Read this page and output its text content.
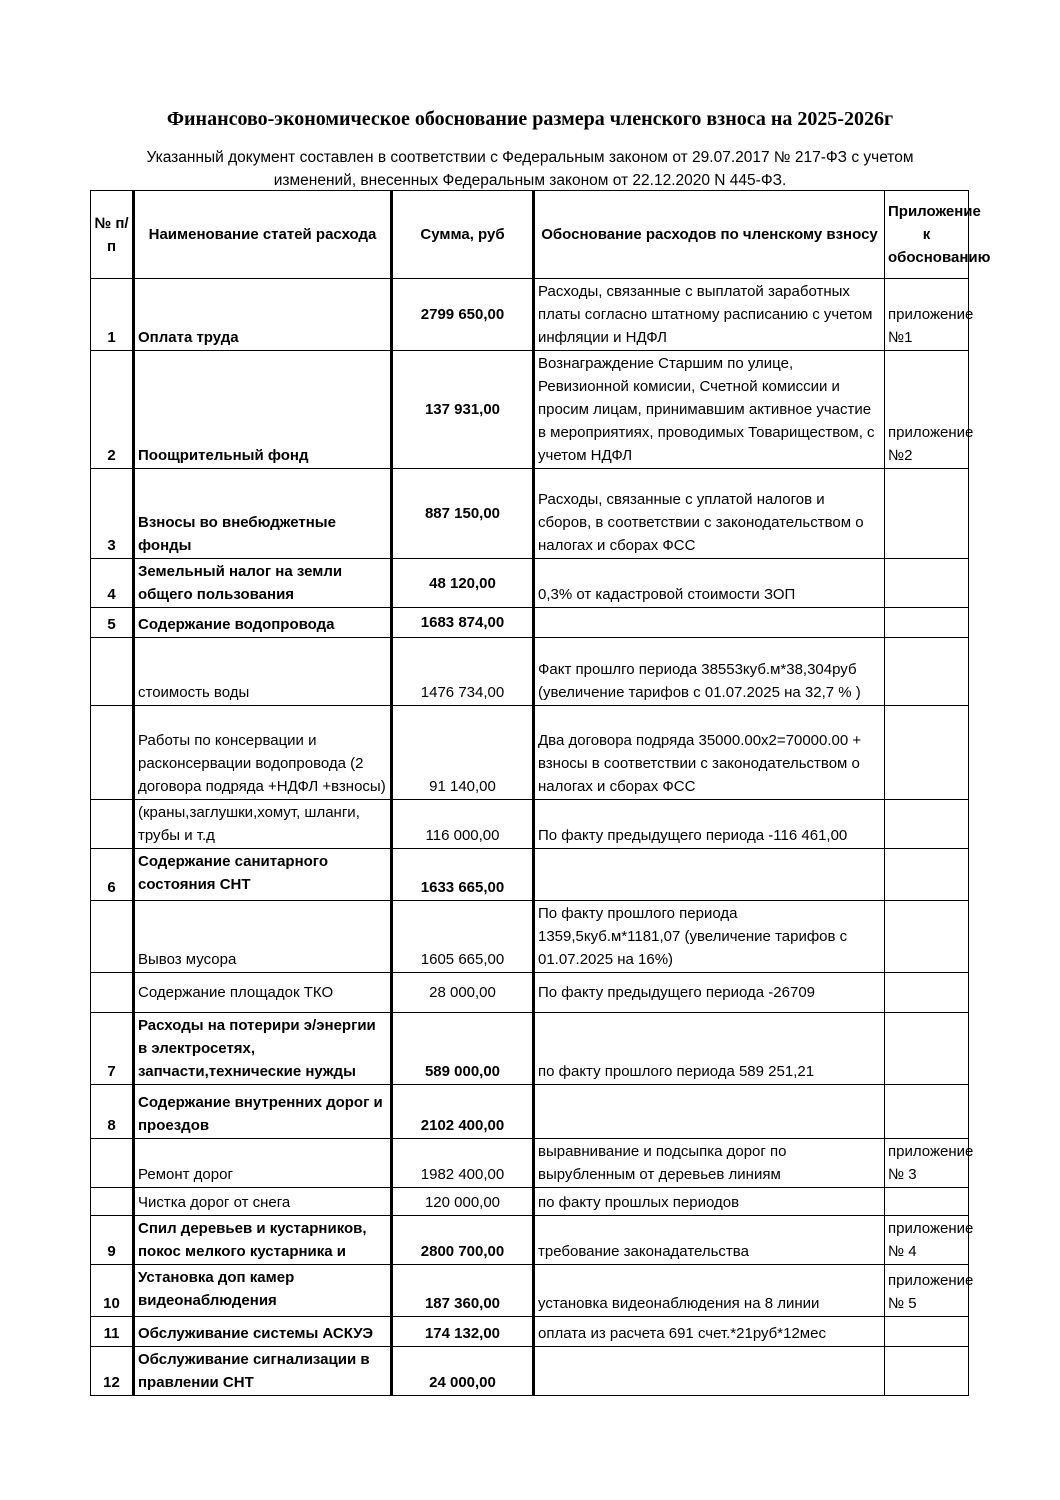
Финансово-экономическое обоснование размера членского взноса на 2025-2026г
Указанный документ составлен в соответствии с Федеральным законом от 29.07.2017 № 217-ФЗ с учетом
изменений, внесенных Федеральным законом от 22.12.2020 N 445-ФЗ.
№ п/п	Наименование статей расхода	Сумма, руб	Обоснование расходов по членскому взносу	Приложение к обоснованию
1	Оплата труда	2799 650,00	Расходы, связанные с выплатой заработных платы согласно штатному расписанию с учетом инфляции и НДФЛ	приложение №1
2	Поощрительный фонд	137 931,00	Вознаграждение Старшим по улице, Ревизионной комисии, Счетной комиссии и просим лицам, принимавшим активное участие в мероприятиях, проводимых Товариществом, с учетом НДФЛ	приложение №2
3	Взносы во внебюджетные фонды	887 150,00	Расходы, связанные с уплатой налогов и сборов, в соответствии с законодательством о налогах и сборах ФСС	
4	Земельный налог на земли общего пользования	48 120,00	0,3% от кадастровой стоимости ЗОП	
5	Содержание водопровода	1683 874,00		
	стоимость воды	1476 734,00	Факт прошлго периода 38553куб.м*38,304руб (увеличение тарифов с 01.07.2025 на 32,7 % )	
	Работы по консервации и расконсервации водопровода (2 договора подряда +НДФЛ +взносы)	91 140,00	Два договора подряда 35000.00х2=70000.00 + взносы в соответствии с законодательством о налогах и сборах ФСС	
	(краны,заглушки,хомут, шланги, трубы и т.д	116 000,00	По факту предыдущего периода -116 461,00	
6	Содержание санитарного состояния СНТ	1633 665,00		
	Вывоз мусора	1605 665,00	По факту прошлого периода 1359,5куб.м*1181,07 (увеличение тарифов с 01.07.2025 на 16%)	
	Содержание площадок ТКО	28 000,00	По факту предыдущего периода -26709	
7	Расходы на потерири э/энергии в электросетях, запчасти,технические нужды	589 000,00	по факту прошлого периода 589 251,21	
8	Содержание внутренних дорог и проездов	2102 400,00		
	Ремонт дорог	1982 400,00	выравнивание и подсыпка дорог по вырубленным от деревьев линиям	приложение № 3
	Чистка дорог от снега	120 000,00	по факту прошлых периодов	
9	Спил деревьев и кустарников, покос мелкого кустарника и	2800 700,00	требование законадательства	приложение № 4
10	Установка доп камер видеонаблюдения	187 360,00	установка видеонаблюдения на 8 линии	приложение № 5
11	Обслуживание системы АСКУЭ	174 132,00	оплата из расчета 691 счет.*21руб*12мес	
12	Обслуживание сигнализации в правлении СНТ	24 000,00		
